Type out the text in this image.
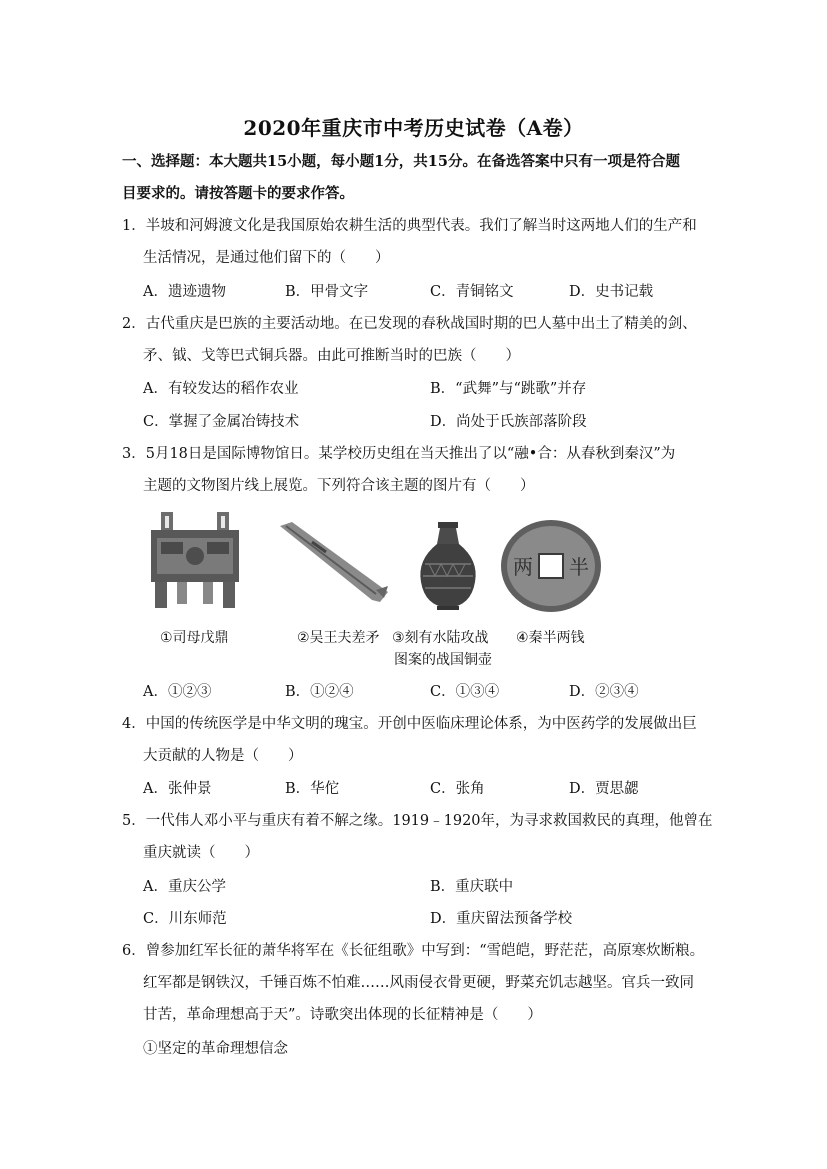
2020年重庆市中考历史试卷（A卷）
一、选择题：本大题共15小题，每小题1分，共15分。在备选答案中只有一项是符合题
目要求的。请按答题卡的要求作答。
1．半坡和河姆渡文化是我国原始农耕生活的典型代表。我们了解当时这两地人们的生产和
生活情况，是通过他们留下的（　　）
A．遗迹遗物	B．甲骨文字	C．青铜铭文	D．史书记载
2．古代重庆是巴族的主要活动地。在已发现的春秋战国时期的巴人墓中出土了精美的剑、
矛、钺、戈等巴式铜兵器。由此可推断当时的巴族（　　）
A．有较发达的稻作农业	B．“武舞”与“跳歌”并存
C．掌握了金属冶铸技术	D．尚处于氏族部落阶段
3．5月18日是国际博物馆日。某学校历史组在当天推出了以“融•合：从春秋到秦汉”为
主题的文物图片线上展览。下列符合该主题的图片有（　　）
半
两
①司母戊鼎	②吴王夫差矛 ③刻有水陆攻战
图案的战国铜壶
④秦半两钱
A．①②③	B．①②④	C．①③④	D．②③④
4．中国的传统医学是中华文明的瑰宝。开创中医临床理论体系，为中医药学的发展做出巨
大贡献的人物是（　　）
A．张仲景	B．华佗	C．张角	D．贾思勰
5．一代伟人邓小平与重庆有着不解之缘。1919﹣1920年，为寻求救国救民的真理，他曾在
重庆就读（　　）
A．重庆公学	B．重庆联中
C．川东师范	D．重庆留法预备学校
6．曾参加红军长征的萧华将军在《长征组歌》中写到：“雪皑皑，野茫茫，高原寒炊断粮。
红军都是钢铁汉，千锤百炼不怕难……风雨侵衣骨更硬，野菜充饥志越坚。官兵一致同
甘苦，革命理想高于天”。诗歌突出体现的长征精神是（　　）
①坚定的革命理想信念
